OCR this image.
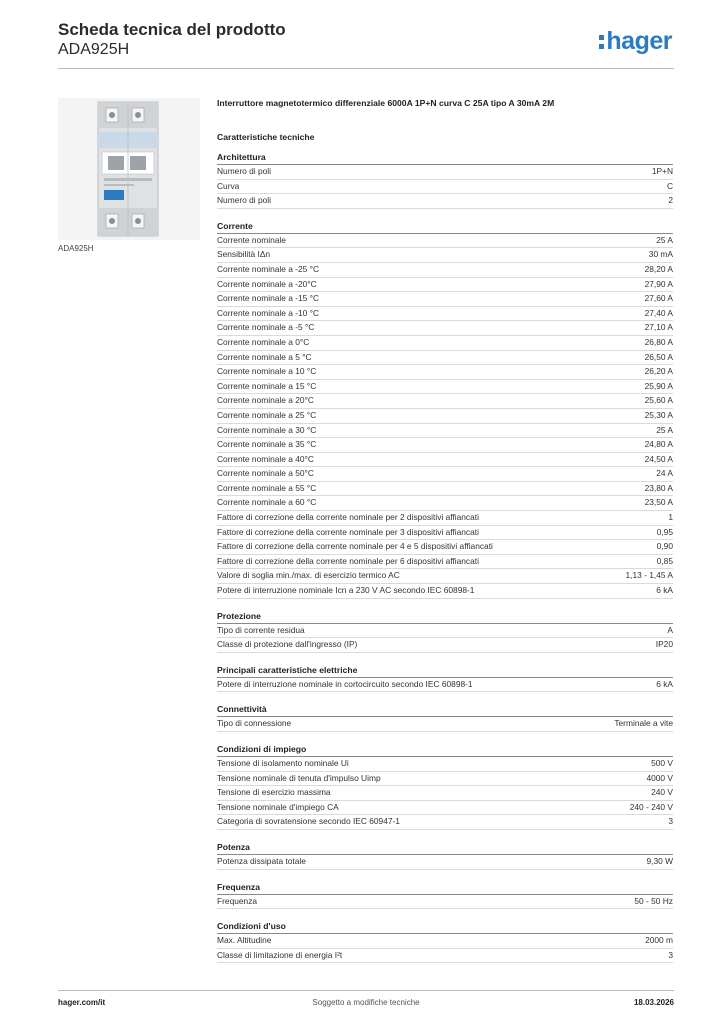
Scheda tecnica del prodotto
ADA925H	hager
ADA925H
Interruttore magnetotermico differenziale 6000A 1P+N curva C 25A tipo A 30mA 2M
Caratteristiche tecniche
Architettura
Numero di poli	1P+N
Curva	C
Numero di poli	2
Corrente
Corrente nominale	25 A
Sensibilità IΔn	30 mA
Corrente nominale a -25 °C	28,20 A
Corrente nominale a -20°C	27,90 A
Corrente nominale a -15 °C	27,60 A
Corrente nominale a -10 °C	27,40 A
Corrente nominale a -5 °C	27,10 A
Corrente nominale a 0°C	26,80 A
Corrente nominale a 5 °C	26,50 A
Corrente nominale a 10 °C	26,20 A
Corrente nominale a 15 °C	25,90 A
Corrente nominale a 20°C	25,60 A
Corrente nominale a 25 °C	25,30 A
Corrente nominale a 30 °C	25 A
Corrente nominale a 35 °C	24,80 A
Corrente nominale a 40°C	24,50 A
Corrente nominale a 50°C	24 A
Corrente nominale a 55 °C	23,80 A
Corrente nominale a 60 °C	23,50 A
Fattore di correzione della corrente nominale per 2 dispositivi affiancati	1
Fattore di correzione della corrente nominale per 3 dispositivi affiancati	0,95
Fattore di correzione della corrente nominale per 4 e 5 dispositivi affiancati	0,90
Fattore di correzione della corrente nominale per 6 dispositivi affiancati	0,85
Valore di soglia min./max. di esercizio termico AC	1,13 - 1,45 A
Potere di interruzione nominale Icn a 230 V AC secondo IEC 60898-1	6 kA
Protezione
Tipo di corrente residua	A
Classe di protezione dall'ingresso (IP)	IP20
Principali caratteristiche elettriche
Potere di interruzione nominale in cortocircuito secondo IEC 60898-1	6 kA
Connettività
Tipo di connessione	Terminale a vite
Condizioni di impiego
Tensione di isolamento nominale Ui	500 V
Tensione nominale di tenuta d'impulso Uimp	4000 V
Tensione di esercizio massima	240 V
Tensione nominale d'impiego CA	240 - 240 V
Categoria di sovratensione secondo IEC 60947-1	3
Potenza
Potenza dissipata totale	9,30 W
Frequenza
Frequenza	50 - 50 Hz
Condizioni d'uso
Max. Altitudine	2000 m
Classe di limitazione di energia I²t	3
hager.com/it	Soggetto a modifiche tecniche	18.03.2026
